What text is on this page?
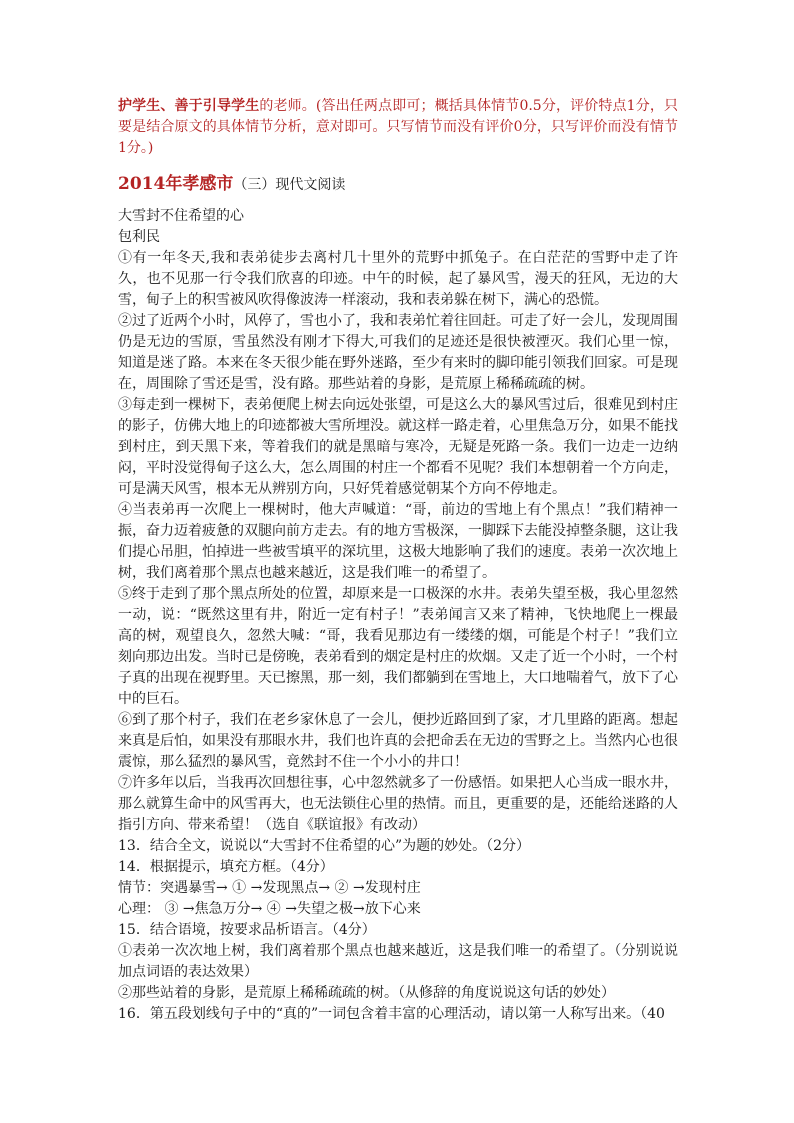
护学生、善于引导学生的老师。(答出任两点即可；概括具体情节0.5分，评价特点1分，只要是结合原文的具体情节分析，意对即可。只写情节而没有评价0分，只写评价而没有情节1分。)

2014年孝感市（三）现代文阅读

大雪封不住希望的心

包利民

①有一年冬天,我和表弟徒步去离村几十里外的荒野中抓兔子。在白茫茫的雪野中走了许久，也不见那一行令我们欣喜的印迹。中午的时候，起了暴风雪，漫天的狂风，无边的大雪，甸子上的积雪被风吹得像波涛一样滚动，我和表弟躲在树下，满心的恐慌。

②过了近两个小时，风停了，雪也小了，我和表弟忙着往回赶。可走了好一会儿，发现周围仍是无边的雪原，雪虽然没有刚才下得大,可我们的足迹还是很快被湮灭。我们心里一惊，知道是迷了路。本来在冬天很少能在野外迷路，至少有来时的脚印能引领我们回家。可是现在，周围除了雪还是雪，没有路。那些站着的身影，是荒原上稀稀疏疏的树。

③每走到一棵树下，表弟便爬上树去向远处张望，可是这么大的暴风雪过后，很难见到村庄的影子，仿佛大地上的印迹都被大雪所埋没。就这样一路走着，心里焦急万分，如果不能找到村庄，到天黑下来，等着我们的就是黑暗与寒冷，无疑是死路一条。我们一边走一边纳闷，平时没觉得甸子这么大，怎么周围的村庄一个都看不见呢？我们本想朝着一个方向走，可是满天风雪，根本无从辨别方向，只好凭着感觉朝某个方向不停地走。

④当表弟再一次爬上一棵树时，他大声喊道：“哥，前边的雪地上有个黑点！”我们精神一振，奋力迈着疲惫的双腿向前方走去。有的地方雪极深，一脚踩下去能没掉整条腿，这让我们提心吊胆，怕掉进一些被雪填平的深坑里，这极大地影响了我们的速度。表弟一次次地上树，我们离着那个黑点也越来越近，这是我们唯一的希望了。

⑤终于走到了那个黑点所处的位置，却原来是一口极深的水井。表弟失望至极，我心里忽然一动，说：“既然这里有井，附近一定有村子！”表弟闻言又来了精神，飞快地爬上一棵最高的树，观望良久，忽然大喊：“哥，我看见那边有一缕缕的烟，可能是个村子！”我们立刻向那边出发。当时已是傍晚，表弟看到的烟定是村庄的炊烟。又走了近一个小时，一个村子真的出现在视野里。天已擦黑，那一刻，我们都躺到在雪地上，大口地喘着气，放下了心中的巨石。

⑥到了那个村子，我们在老乡家休息了一会儿，便抄近路回到了家，才几里路的距离。想起来真是后怕，如果没有那眼水井，我们也许真的会把命丢在无边的雪野之上。当然内心也很震惊，那么猛烈的暴风雪，竟然封不住一个小小的井口！

⑦许多年以后，当我再次回想往事，心中忽然就多了一份感悟。如果把人心当成一眼水井，那么就算生命中的风雪再大，也无法锁住心里的热情。而且，更重要的是，还能给迷路的人指引方向、带来希望！（选自《联谊报》有改动）

13．结合全文，说说以“大雪封不住希望的心”为题的妙处。（2分）

14．根据提示，填充方框。（4分）

情节：突遇暴雪→ ① →发现黑点→ ② →发现村庄

心理： ③ →焦急万分→ ④ →失望之极→放下心来

15．结合语境，按要求品析语言。（4分）

①表弟一次次地上树，我们离着那个黑点也越来越近，这是我们唯一的希望了。（分别说说加点词语的表达效果）

②那些站着的身影，是荒原上稀稀疏疏的树。（从修辞的角度说说这句话的妙处）

16．第五段划线句子中的“真的”一词包含着丰富的心理活动，请以第一人称写出来。（40
